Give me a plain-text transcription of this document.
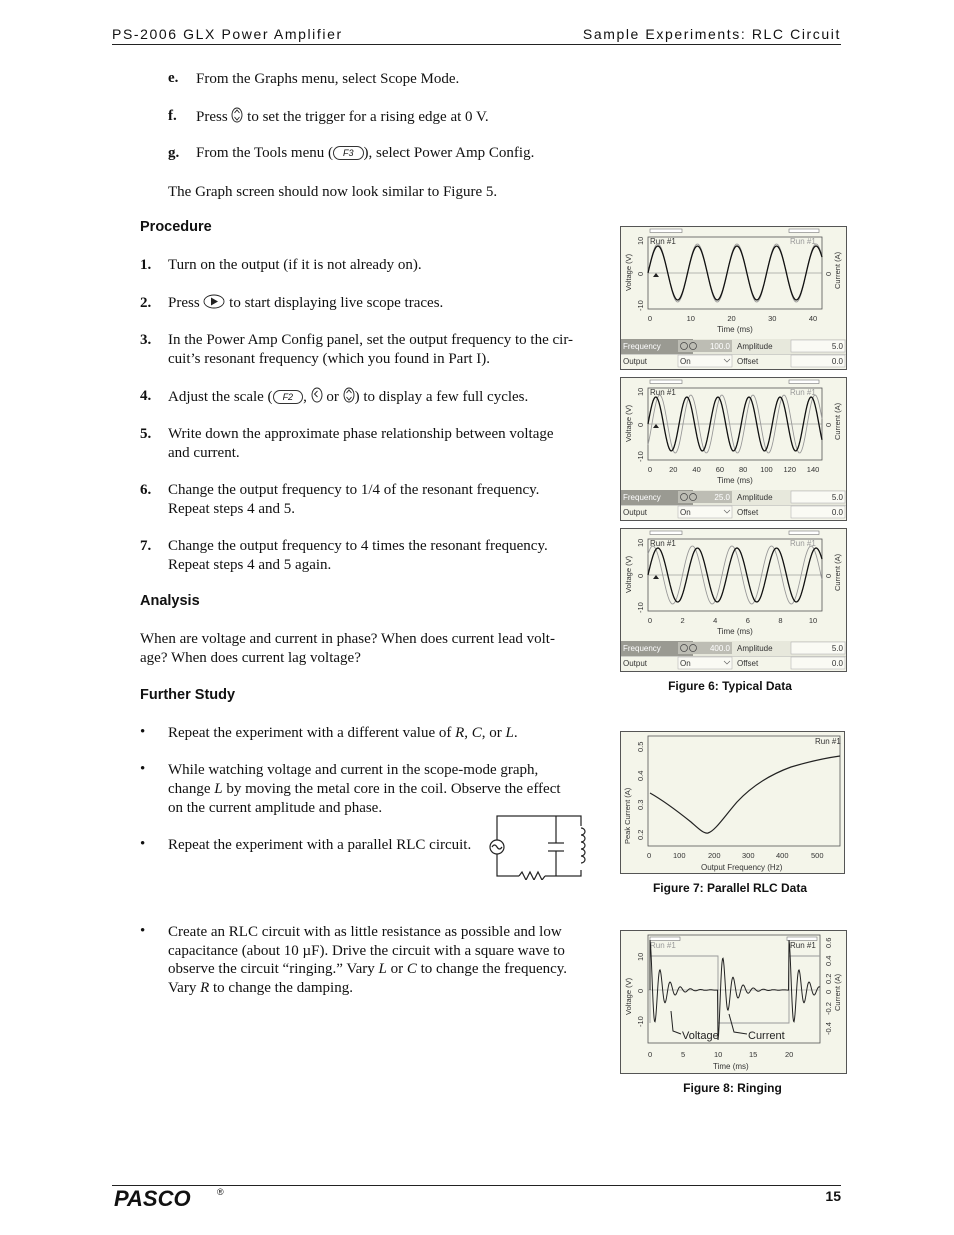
PS-2006 GLX Power Amplifier	Sample Experiments: RLC Circuit
e. From the Graphs menu, select Scope Mode.
f. Press to set the trigger for a rising edge at 0 V.
g. From the Tools menu ( F3 ), select Power Amp Config.
The Graph screen should now look similar to Figure 5.
Procedure
1. Turn on the output (if it is not already on).
2. Press to start displaying live scope traces.
3. In the Power Amp Config panel, set the output frequency to the cir-
cuit’s resonant frequency (which you found in Part I).
4. Adjust the scale ( F2 , or ) to display a few full cycles.
5. Write down the approximate phase relationship between voltage
and current.
6. Change the output frequency to 1/4 of the resonant frequency.
Repeat steps 4 and 5.
7. Change the output frequency to 4 times the resonant frequency.
Repeat steps 4 and 5 again.
Analysis
When are voltage and current in phase? When does current lead volt-
age? When does current lag voltage?
Further Study
• Repeat the experiment with a different value of R, C, or L.
• While watching voltage and current in the scope-mode graph,
change L by moving the metal core in the coil. Observe the effect
on the current amplitude and phase.
• Repeat the experiment with a parallel RLC circuit.
• Create an RLC circuit with as little resistance as possible and low
capacitance (about 10 µF). Drive the circuit with a square wave to
observe the circuit “ringing.” Vary L or C to change the frequency.
Vary R to change the damping.
Run #1	Run #1
Voltage (V)	Current (A)
10
0
-10
0
0	10	20	30	40
Time (ms)
Frequency	100.0 Amplitude	5.0
Output	On	Offset	0.0
Run #1	Run #1
Voltage (V)	Current (A)
10
0
-10
0
0 20 40 60 80 100 120 140
Time (ms)
Frequency	25.0 Amplitude	5.0
Output	On	Offset	0.0
Run #1	Run #1
Voltage (V)	Current (A)
10
0
-10
0
0	2	4	6	8	10
Time (ms)
Frequency	400.0 Amplitude	5.0
Output	On	Offset	0.0
Figure 6: Typical Data
Run #1
Peak Current (A)
0.5
0.4
0.3
0.2
0	100	200	300	400	500
Output Frequency (Hz)
Figure 7: Parallel RLC Data
Run #1	Run #1
Voltage (V)
10
0
-10
0.6
0.4
0.2
0
-0.2
-0.4
0	5	10	15	20
Current (A)
Time (ms)
Voltage	Current
Figure 8: Ringing
PASCO	®	15
